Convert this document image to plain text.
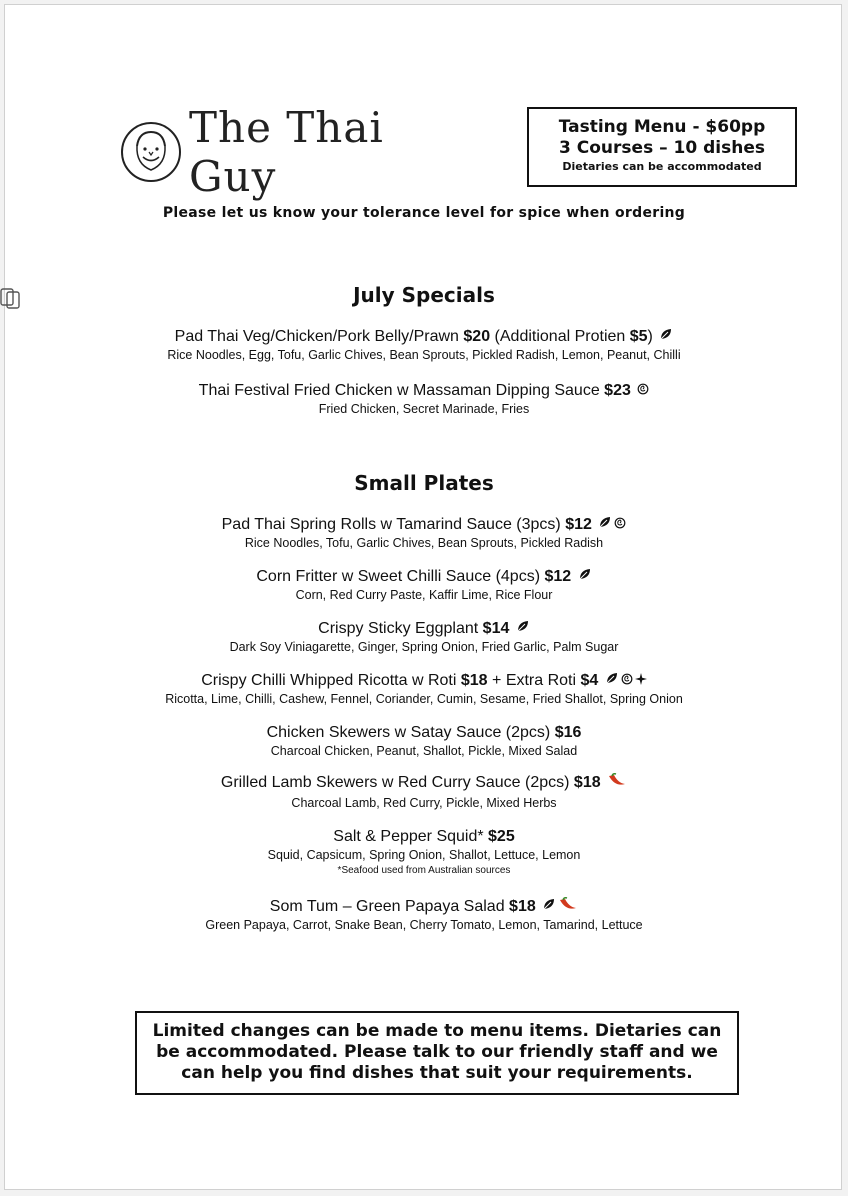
The Thai Guy
Tasting Menu - $60pp
3 Courses – 10 dishes
Dietaries can be accommodated
Please let us know your tolerance level for spice when ordering
July Specials
Pad Thai Veg/Chicken/Pork Belly/Prawn $20 (Additional Protien $5)
Rice Noodles, Egg, Tofu, Garlic Chives, Bean Sprouts, Pickled Radish, Lemon, Peanut, Chilli
Thai Festival Fried Chicken w Massaman Dipping Sauce $23
Fried Chicken, Secret Marinade, Fries
Small Plates
Pad Thai Spring Rolls w Tamarind Sauce (3pcs) $12
Rice Noodles, Tofu, Garlic Chives, Bean Sprouts, Pickled Radish
Corn Fritter w Sweet Chilli Sauce (4pcs) $12
Corn, Red Curry Paste, Kaffir Lime, Rice Flour
Crispy Sticky Eggplant $14
Dark Soy Viniagarette, Ginger, Spring Onion, Fried Garlic, Palm Sugar
Crispy Chilli Whipped Ricotta w Roti $18 + Extra Roti $4
Ricotta, Lime, Chilli, Cashew, Fennel, Coriander, Cumin, Sesame, Fried Shallot, Spring Onion
Chicken Skewers w Satay Sauce (2pcs) $16
Charcoal Chicken, Peanut, Shallot, Pickle, Mixed Salad
Grilled Lamb Skewers w Red Curry Sauce (2pcs) $18
Charcoal Lamb, Red Curry, Pickle, Mixed Herbs
Salt & Pepper Squid* $25
Squid, Capsicum, Spring Onion, Shallot, Lettuce, Lemon
*Seafood used from Australian sources
Som Tum – Green Papaya Salad $18
Green Papaya, Carrot, Snake Bean, Cherry Tomato, Lemon, Tamarind, Lettuce
Limited changes can be made to menu items. Dietaries can be accommodated. Please talk to our friendly staff and we can help you find dishes that suit your requirements.
